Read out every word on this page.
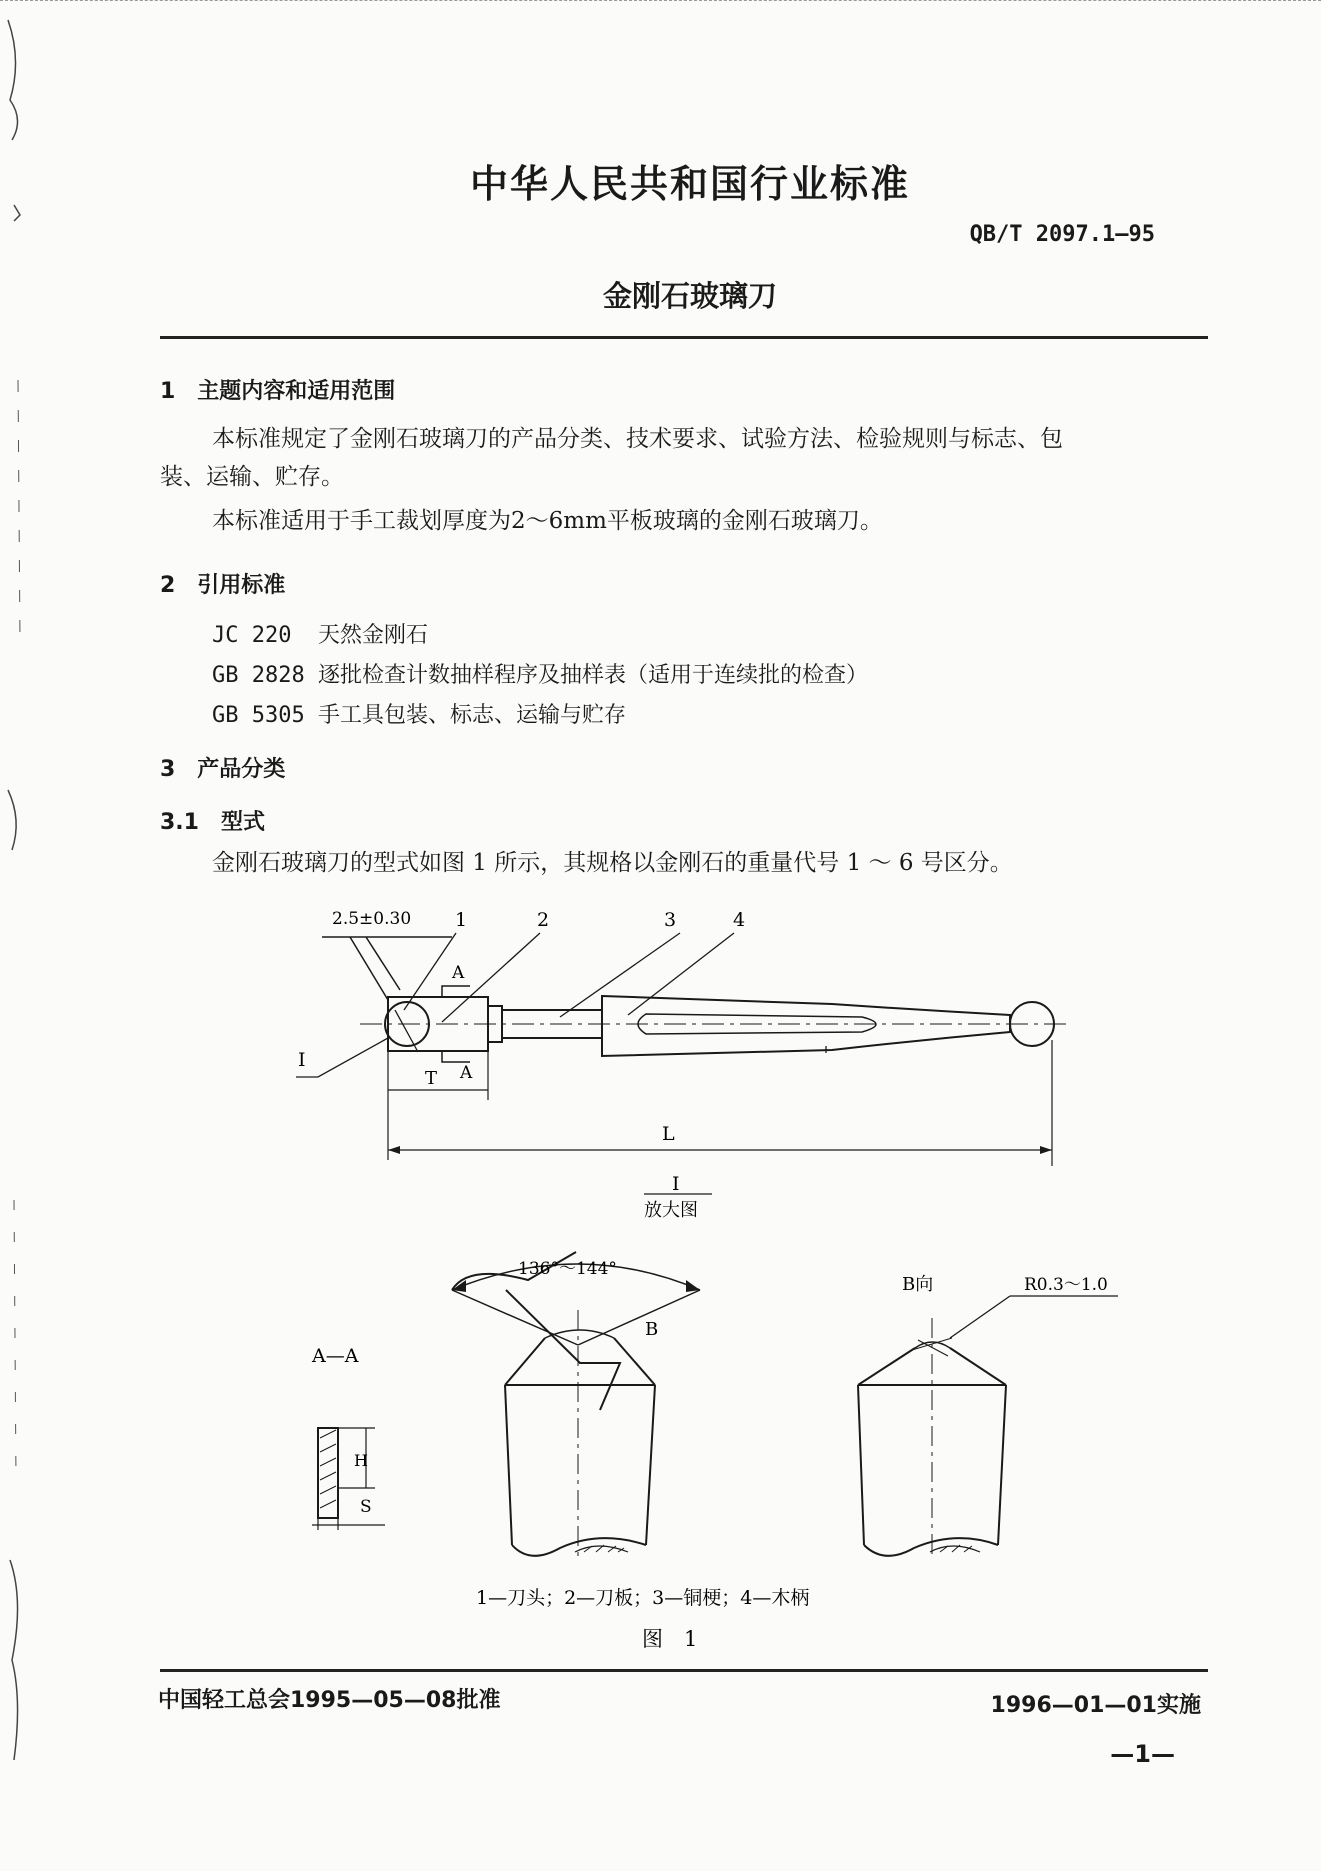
中华人民共和国行业标准
QB/T 2097.1—95
金刚石玻璃刀
1　主题内容和适用范围
本标准规定了金刚石玻璃刀的产品分类、技术要求、试验方法、检验规则与标志、包
装、运输、贮存。
本标准适用于手工裁划厚度为2～6mm平板玻璃的金刚石玻璃刀。
2　引用标准
JC 220 天然金刚石
GB 2828 逐批检查计数抽样程序及抽样表（适用于连续批的检查）
GB 5305 手工具包装、标志、运输与贮存
3　产品分类
3.1　型式
金刚石玻璃刀的型式如图 1 所示，其规格以金刚石的重量代号 1 ～ 6 号区分。
2.5±0.30 1	2	3	4
A
A
I
T
L
I
放大图
A—A
H
S
136°～144°
B
B向	R0.3～1.0
1—刀头；2—刀板；3—铜梗；4—木柄
图　1
中国轻工总会1995—05—08批准	1996—01—01实施
—1—
